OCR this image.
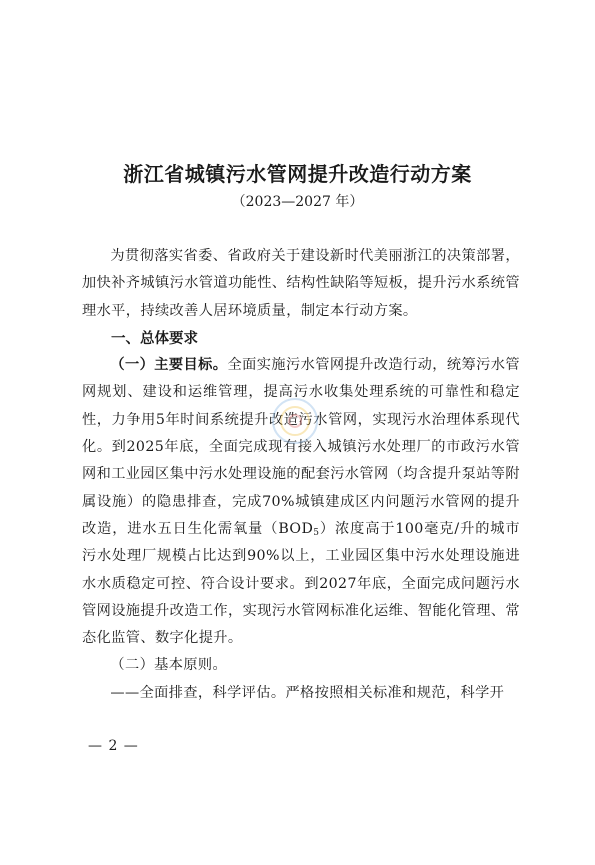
浙江省城镇污水管网提升改造行动方案
（2023—2027 年）

为贯彻落实省委、省政府关于建设新时代美丽浙江的决策部署，加快补齐城镇污水管道功能性、结构性缺陷等短板，提升污水系统管理水平，持续改善人居环境质量，制定本行动方案。

一、总体要求

（一）主要目标。全面实施污水管网提升改造行动，统筹污水管网规划、建设和运维管理，提高污水收集处理系统的可靠性和稳定性，力争用5年时间系统提升改造污水管网，实现污水治理体系现代化。到2025年底，全面完成现有接入城镇污水处理厂的市政污水管网和工业园区集中污水处理设施的配套污水管网（均含提升泵站等附属设施）的隐患排查，完成70%城镇建成区内问题污水管网的提升改造，进水五日生化需氧量$(BOD_5)$浓度高于100毫克/升的城市污水处理厂规模占比达到90%以上，工业园区集中污水处理设施进水水质稳定可控、符合设计要求。到2027年底，全面完成问题污水管网设施提升改造工作，实现污水管网标准化运维、智能化管理、常态化监管、数字化提升。

（二）基本原则。

——全面排查，科学评估。严格按照相关标准和规范，科学开

— 2 —
